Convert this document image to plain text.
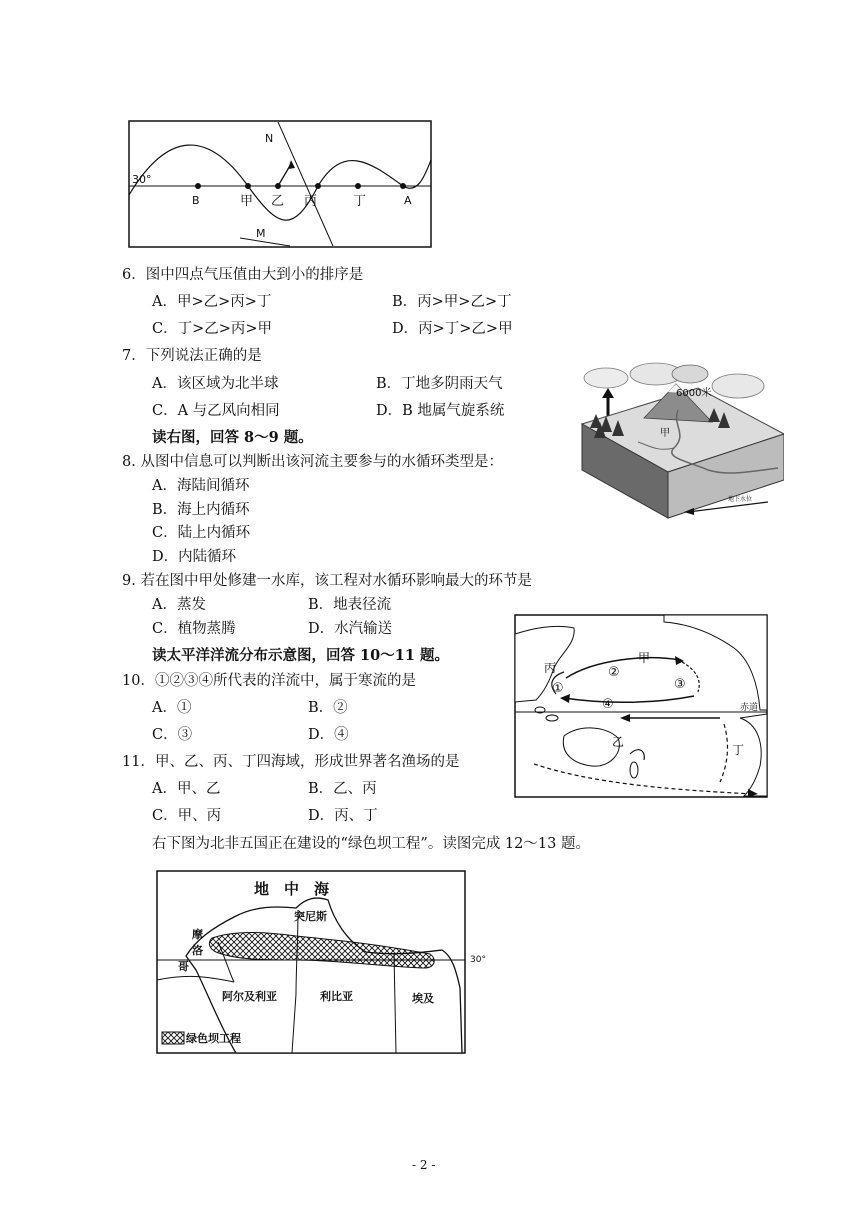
N
M
30°
B	甲 乙 丙	丁	A
6．图中四点气压值由大到小的排序是
A．甲>乙>丙>丁	B．丙>甲>乙>丁
C．丁>乙>丙>甲	D．丙>丁>乙>甲
7．下列说法正确的是
A．该区域为北半球	B．丁地多阴雨天气
C．A 与乙风向相同	D．B 地属气旋系统
读右图，回答 8～9 题。
6000米
甲
地下水位
8. 从图中信息可以判断出该河流主要参与的水循环类型是：
A．海陆间循环
B．海上内循环
C．陆上内循环
D．内陆循环
9. 若在图中甲处修建一水库，该工程对水循环影响最大的环节是
A．蒸发	B．地表径流
C．植物蒸腾	D．水汽输送
读太平洋洋流分布示意图，回答 10～11 题。
①
②
③
④
甲
乙
丙
丁
赤道
10．①②③④所代表的洋流中，属于寒流的是
A．①	B．②
C．③	D．④
11．甲、乙、丙、丁四海域，形成世界著名渔场的是
A．甲、乙	B．乙、丙
C．甲、丙	D．丙、丁
右下图为北非五国正在建设的“绿色坝工程”。读图完成 12～13 题。
绿色坝工程
地　中　海
突尼斯
摩
洛
哥
阿尔及利亚	利比亚	埃及
30°
- 2 -
